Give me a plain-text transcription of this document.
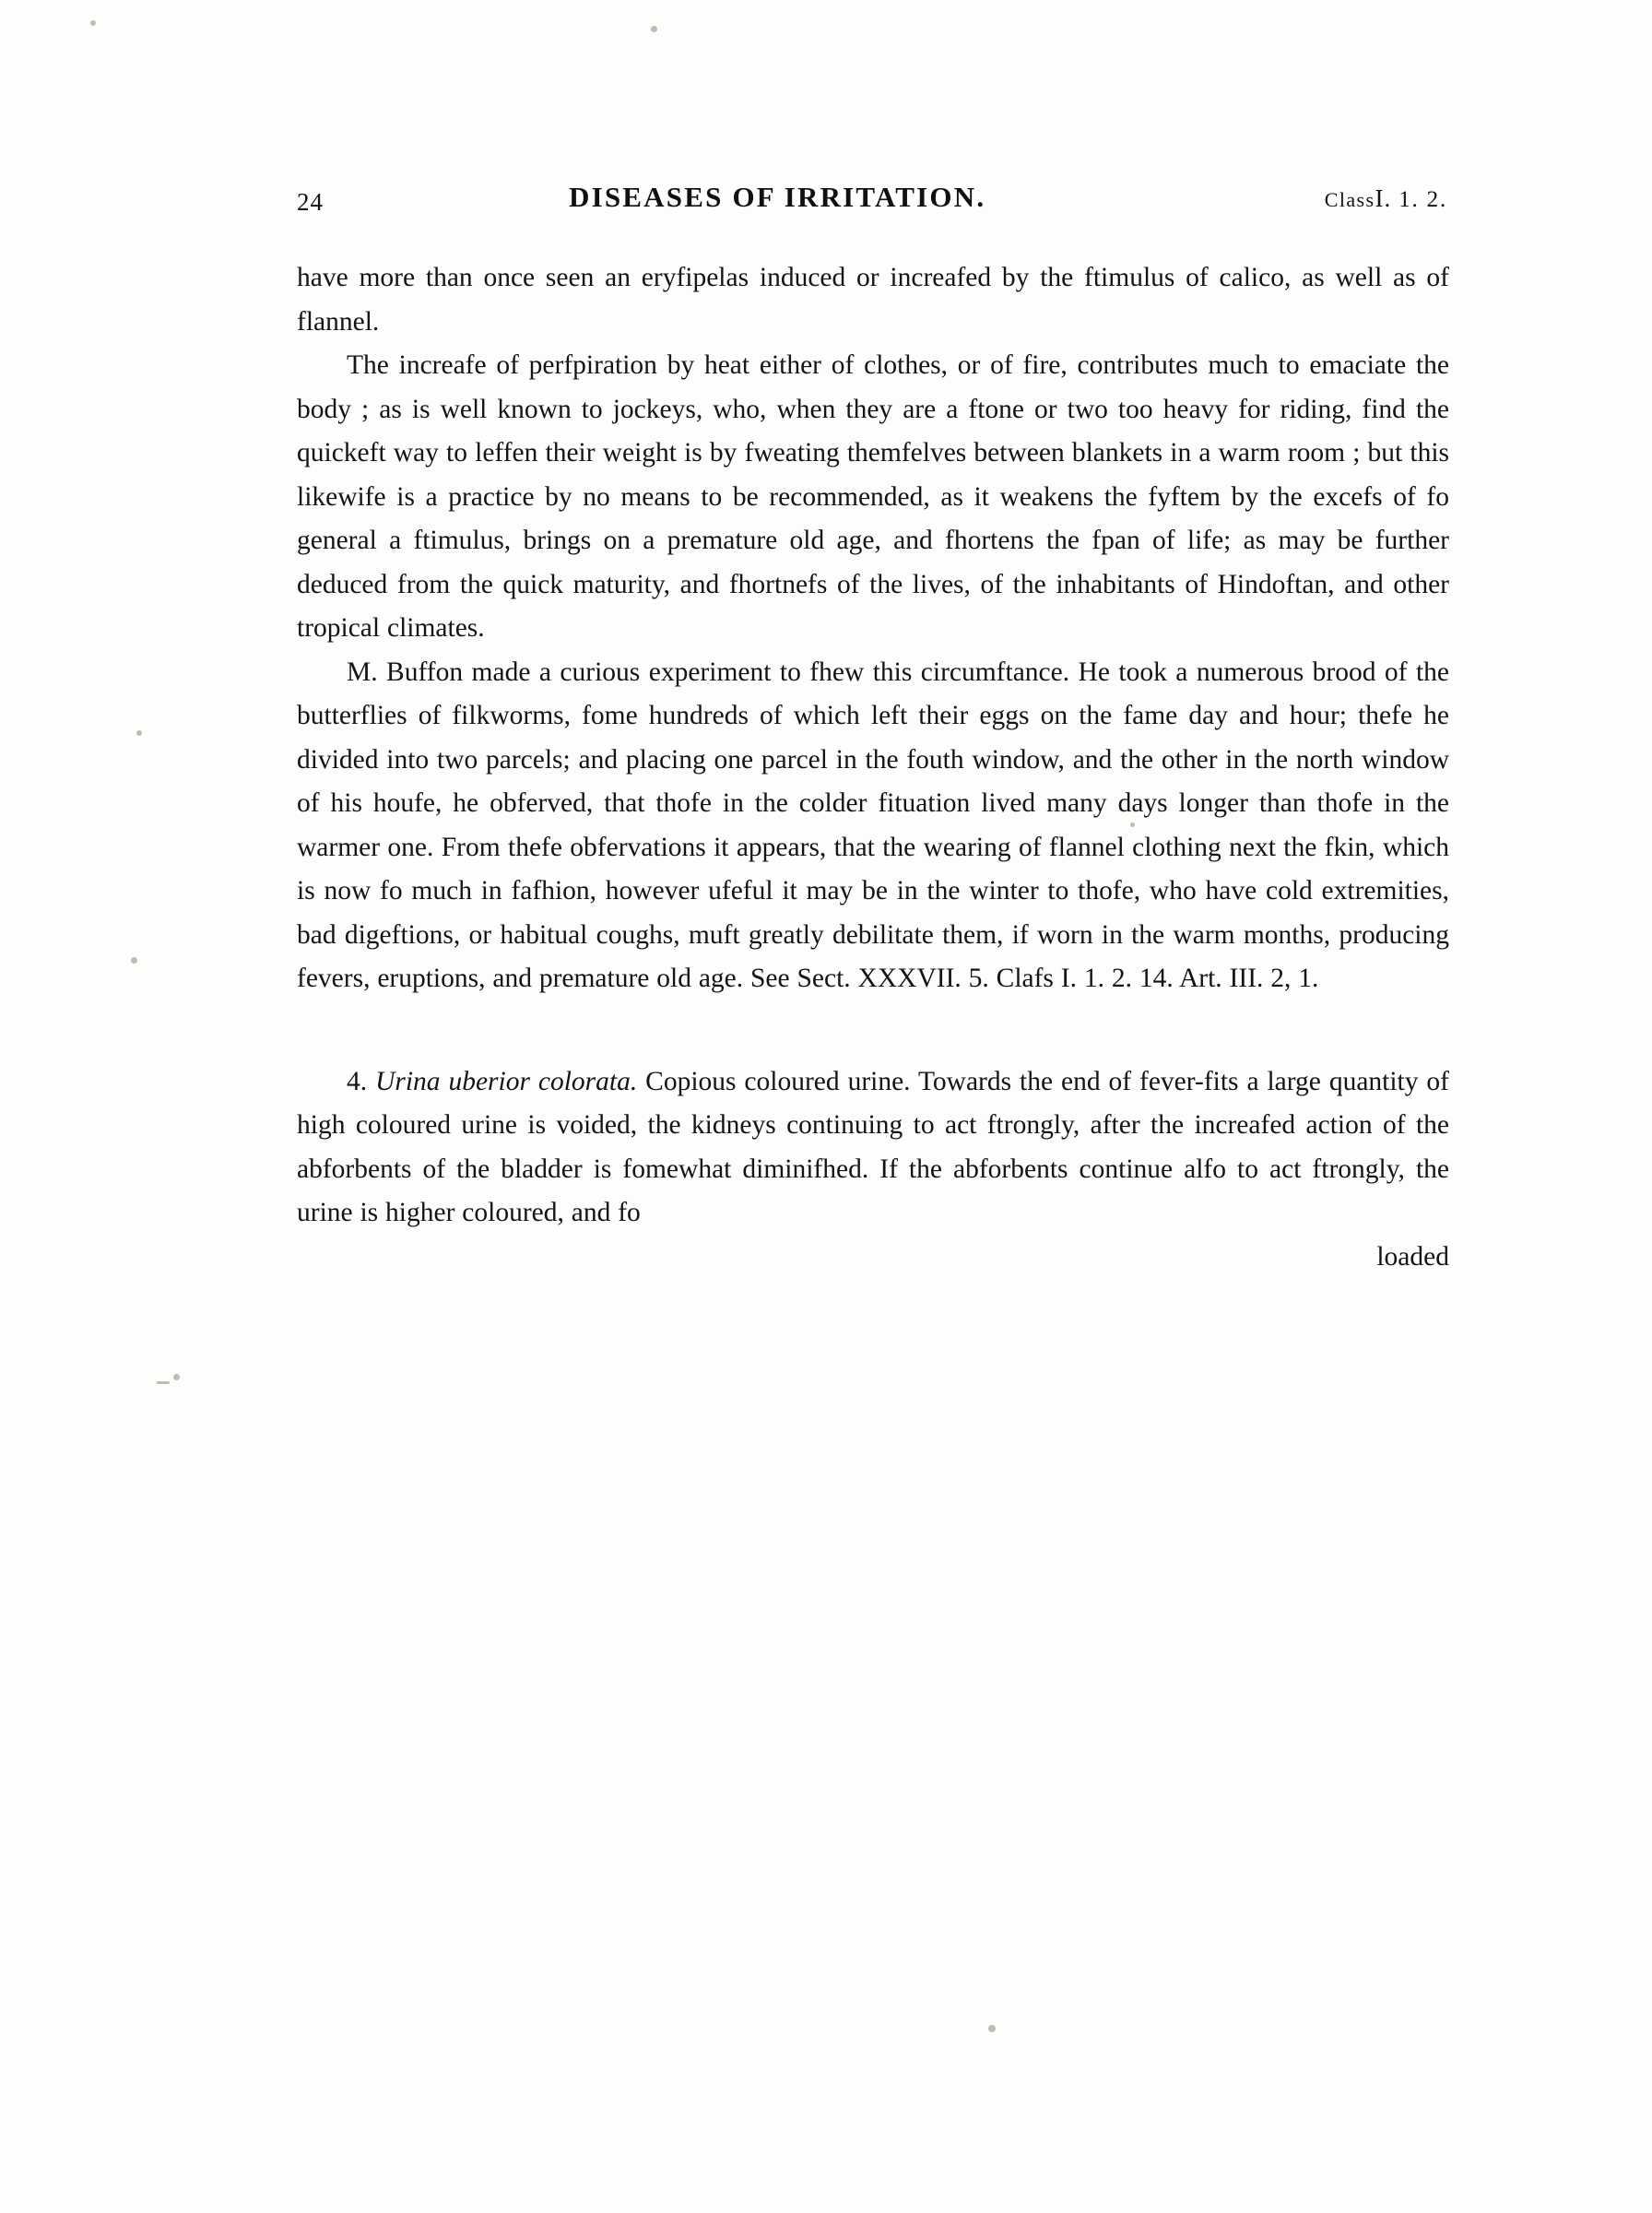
24	DISEASES OF IRRITATION.	ClassI. 1. 2.

have more than once seen an eryfipelas induced or increafed by the ftimulus of calico, as well as of flannel.

The increafe of perfpiration by heat either of clothes, or of fire, contributes much to emaciate the body ; as is well known to jockeys, who, when they are a ftone or two too heavy for riding, find the quickeft way to leffen their weight is by fweating themfelves between blankets in a warm room ; but this likewife is a practice by no means to be recommended, as it weakens the fyftem by the excefs of fo general a ftimulus, brings on a premature old age, and fhortens the fpan of life; as may be further deduced from the quick maturity, and fhortnefs of the lives, of the inhabitants of Hindoftan, and other tropical climates.

M. Buffon made a curious experiment to fhew this circumftance. He took a numerous brood of the butterflies of filkworms, fome hundreds of which left their eggs on the fame day and hour; thefe he divided into two parcels; and placing one parcel in the fouth window, and the other in the north window of his houfe, he obferved, that thofe in the colder fituation lived many days longer than thofe in the warmer one. From thefe obfervations it appears, that the wearing of flannel clothing next the fkin, which is now fo much in fafhion, however ufeful it may be in the winter to thofe, who have cold extremities, bad digeftions, or habitual coughs, muft greatly debilitate them, if worn in the warm months, producing fevers, eruptions, and premature old age. See Sect. XXXVII. 5. Clafs I. 1. 2. 14. Art. III. 2, 1.

4. Urina uberior colorata. Copious coloured urine. Towards the end of fever-fits a large quantity of high coloured urine is voided, the kidneys continuing to act ftrongly, after the increafed action of the abforbents of the bladder is fomewhat diminifhed. If the abforbents continue alfo to act ftrongly, the urine is higher coloured, and fo

loaded
